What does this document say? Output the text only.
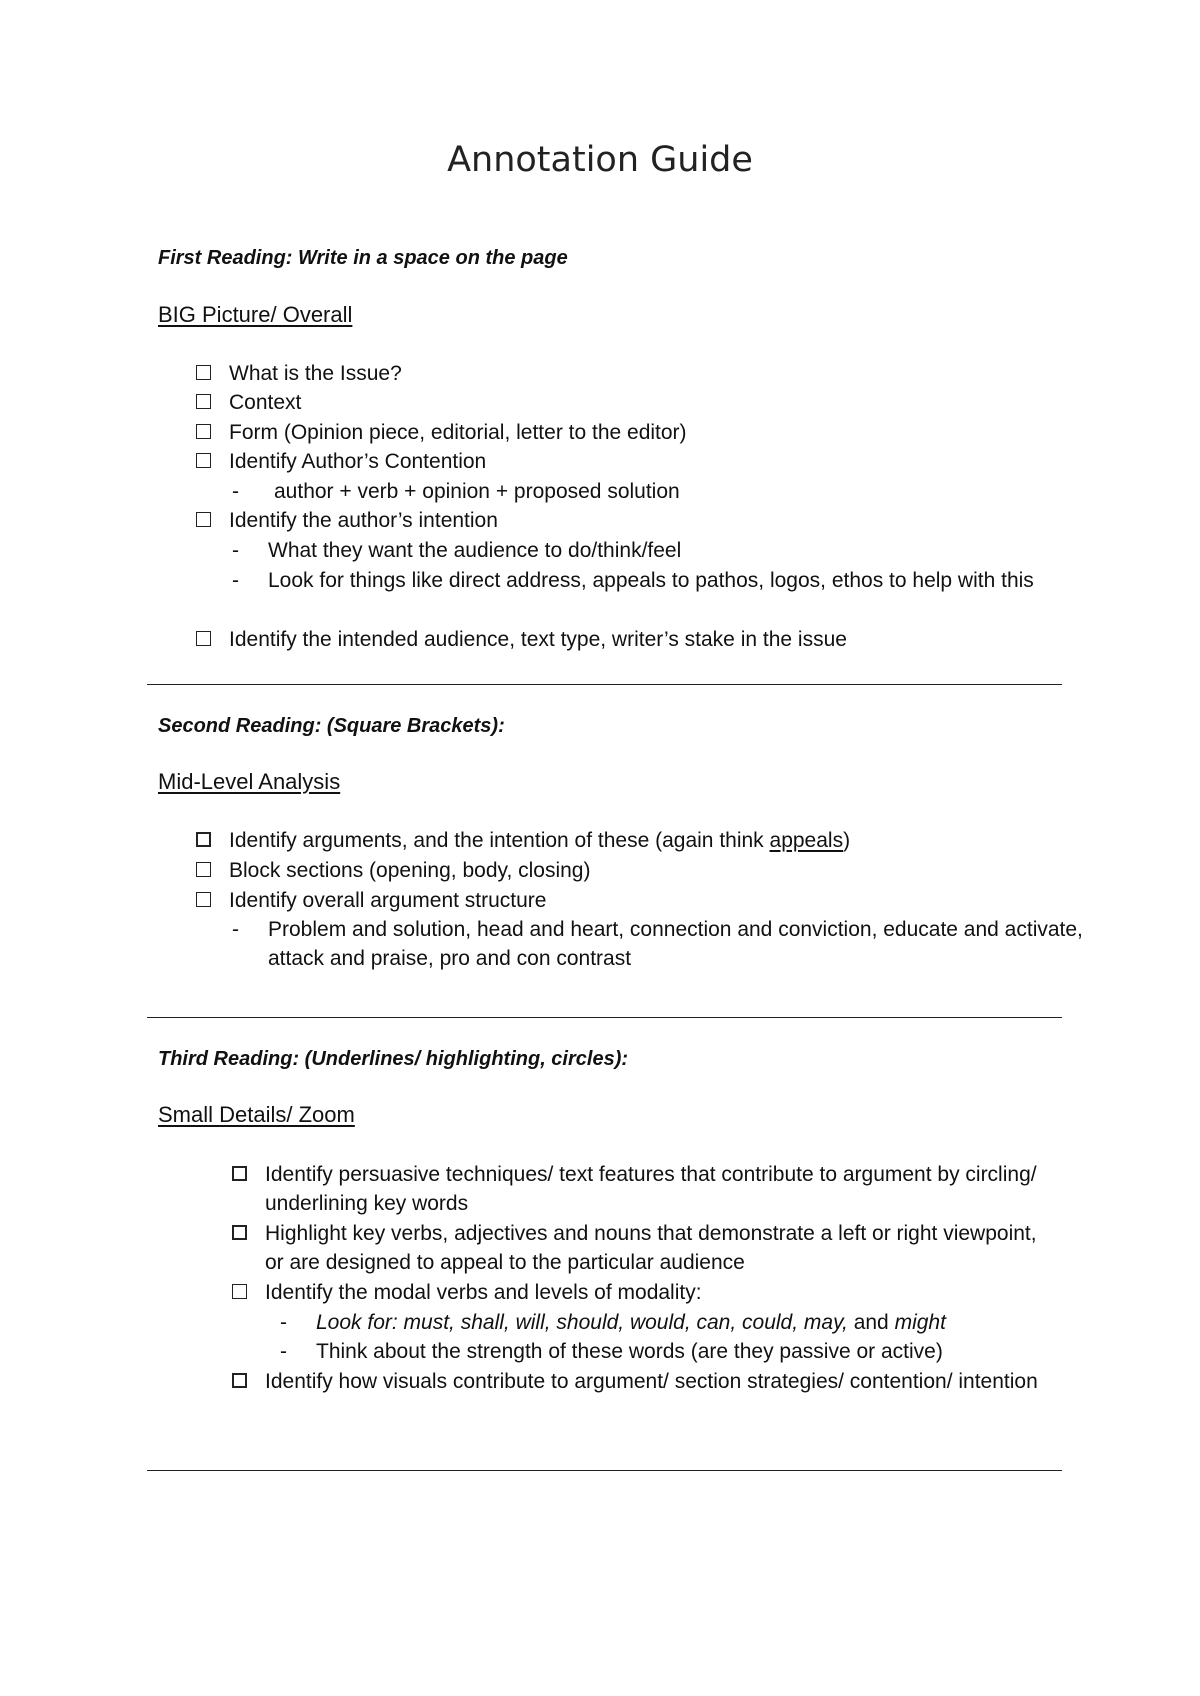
Annotation Guide
First Reading: Write in a space on the page
BIG Picture/ Overall
What is the Issue?
Context
Form (Opinion piece, editorial, letter to the editor)
Identify Author’s Contention
-	author + verb + opinion + proposed solution
Identify the author’s intention
-	What they want the audience to do/think/feel
-	Look for things like direct address, appeals to pathos, logos, ethos to help with this
Identify the intended audience, text type, writer’s stake in the issue
Second Reading: (Square Brackets):
Mid-Level Analysis
Identify arguments, and the intention of these (again think appeals)
Block sections (opening, body, closing)
Identify overall argument structure
-	Problem and solution, head and heart, connection and conviction, educate and activate, attack and praise, pro and con contrast
Third Reading: (Underlines/ highlighting, circles):
Small Details/ Zoom
Identify persuasive techniques/ text features that contribute to argument by circling/ underlining key words
Highlight key verbs, adjectives and nouns that demonstrate a left or right viewpoint, or are designed to appeal to the particular audience
Identify the modal verbs and levels of modality:
-	Look for: must, shall, will, should, would, can, could, may, and might
-	Think about the strength of these words (are they passive or active)
Identify how visuals contribute to argument/ section strategies/ contention/ intention
